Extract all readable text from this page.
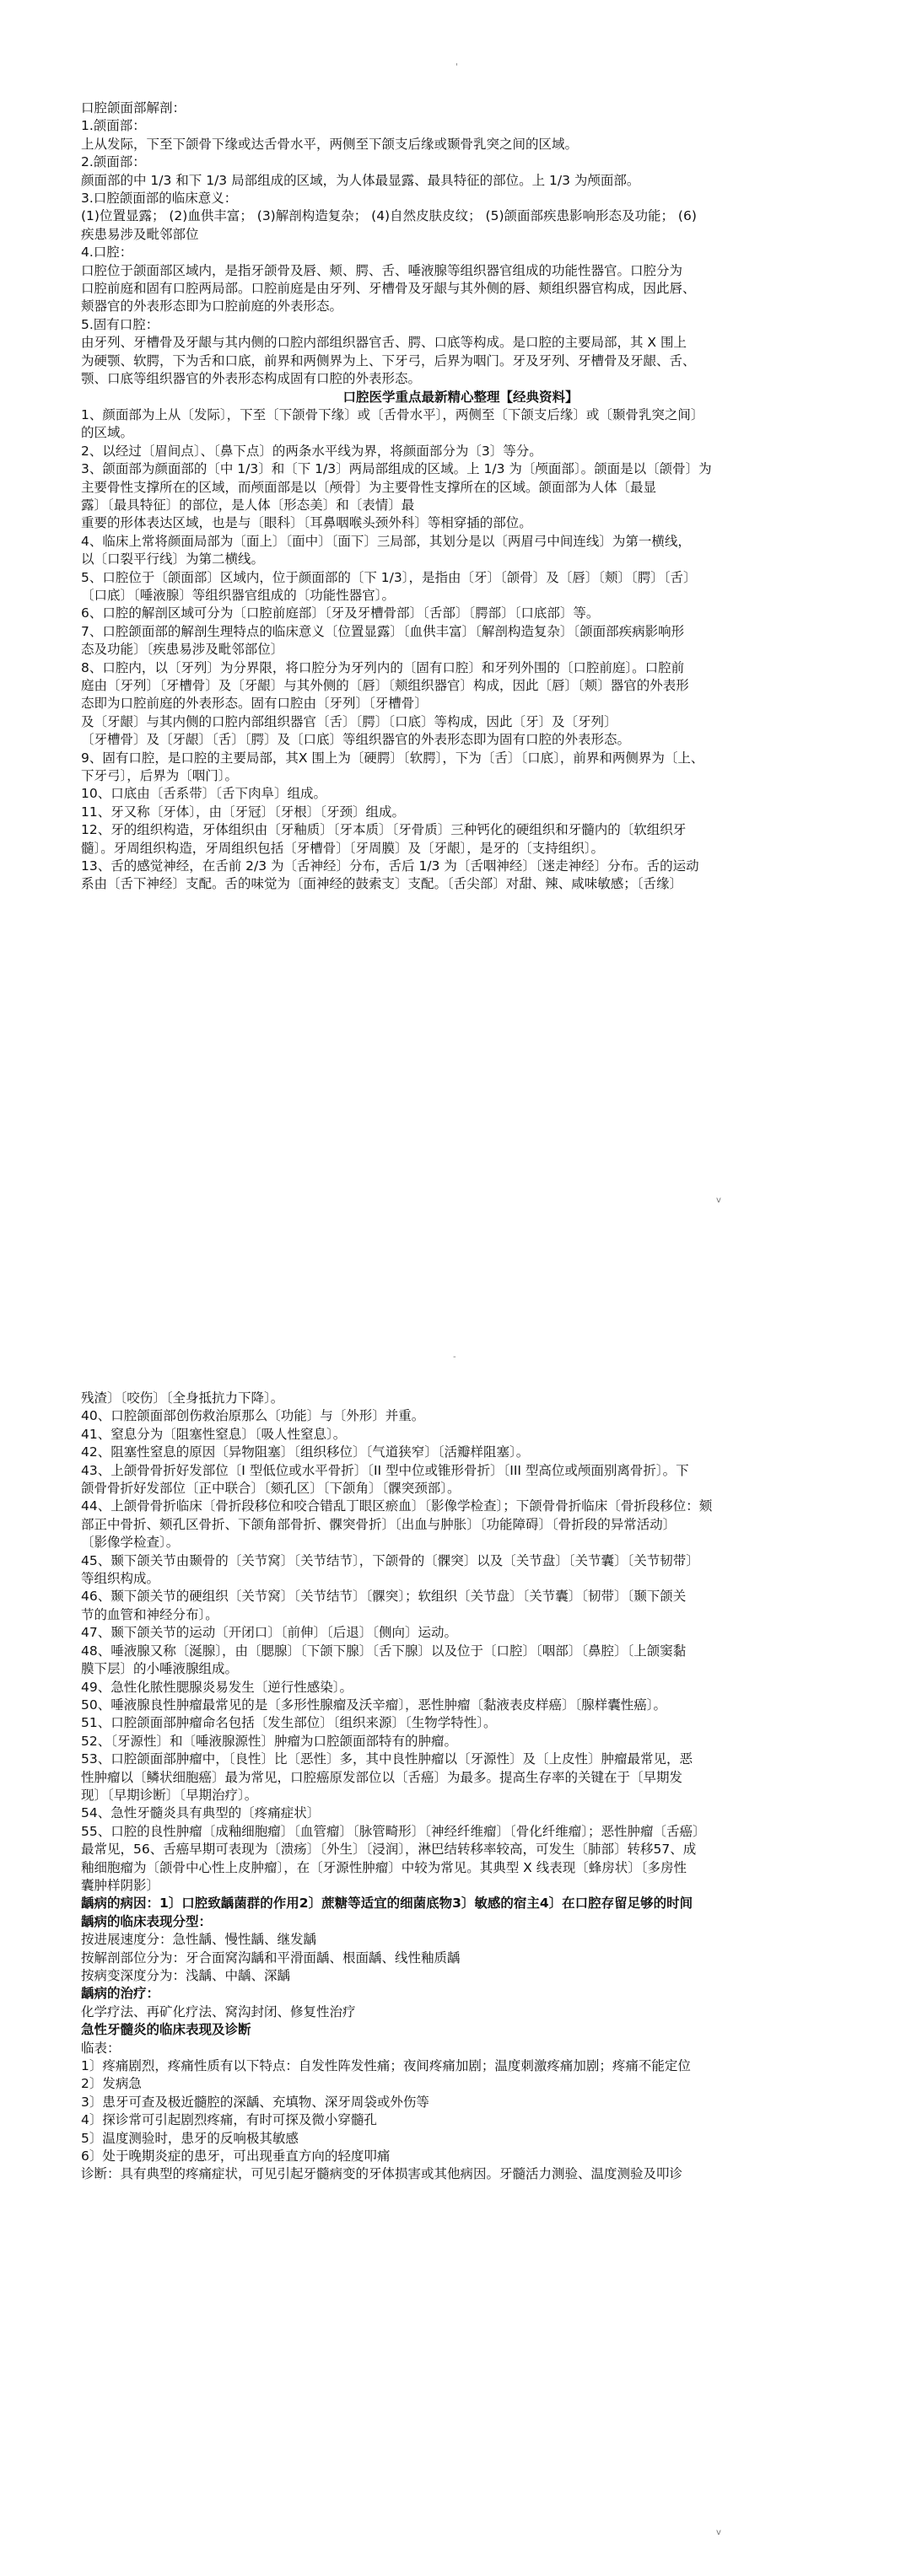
'
口腔颌面部解剖：
1.颌面部：
上从发际，下至下颌骨下缘或达舌骨水平，两侧至下颌支后缘或颞骨乳突之间的区域。
2.颌面部：
颜面部的中 1/3 和下 1/3 局部组成的区域，为人体最显露、最具特征的部位。上 1/3 为颅面部。
3.口腔颌面部的临床意义：
(1)位置显露； (2)血供丰富； (3)解剖构造复杂； (4)自然皮肤皮纹； (5)颌面部疾患影响形态及功能； (6)
疾患易涉及毗邻部位
4.口腔：
口腔位于颌面部区域内，是指牙颌骨及唇、颊、腭、舌、唾液腺等组织器官组成的功能性器官。口腔分为
口腔前庭和固有口腔两局部。口腔前庭是由牙列、牙槽骨及牙龈与其外侧的唇、颊组织器官构成，因此唇、
颊器官的外表形态即为口腔前庭的外表形态。
5.固有口腔：
由牙列、牙槽骨及牙龈与其内侧的口腔内部组织器官舌、腭、口底等构成。是口腔的主要局部，其 X 围上
为硬颚、软腭，下为舌和口底，前界和两侧界为上、下牙弓，后界为咽门。牙及牙列、牙槽骨及牙龈、舌、
颚、口底等组织器官的外表形态构成固有口腔的外表形态。
口腔医学重点最新精心整理【经典资料】
1、颜面部为上从〔发际〕，下至〔下颌骨下缘〕或〔舌骨水平〕，两侧至〔下颌支后缘〕或〔颞骨乳突之间〕
的区域。
2、以经过〔眉间点〕、〔鼻下点〕的两条水平线为界，将颜面部分为〔3〕等分。
3、颌面部为颜面部的〔中 1/3〕和〔下 1/3〕两局部组成的区域。上 1/3 为〔颅面部〕。颌面是以〔颌骨〕为
主要骨性支撑所在的区域，而颅面部是以〔颅骨〕为主要骨性支撑所在的区域。颌面部为人体〔最显
露〕〔最具特征〕的部位，是人体〔形态美〕和〔表情〕最
重要的形体表达区域，也是与〔眼科〕〔耳鼻咽喉头颈外科〕等相穿插的部位。
4、临床上常将颜面局部为〔面上〕〔面中〕〔面下〕三局部，其划分是以〔两眉弓中间连线〕为第一横线，
以〔口裂平行线〕为第二横线。
5、口腔位于〔颌面部〕区域内，位于颜面部的〔下 1/3〕，是指由〔牙〕〔颌骨〕及〔唇〕〔颊〕〔腭〕〔舌〕
〔口底〕〔唾液腺〕等组织器官组成的〔功能性器官〕。
6、口腔的解剖区域可分为〔口腔前庭部〕〔牙及牙槽骨部〕〔舌部〕〔腭部〕〔口底部〕等。
7、口腔颌面部的解剖生理特点的临床意义〔位置显露〕〔血供丰富〕〔解剖构造复杂〕〔颌面部疾病影响形
态及功能〕〔疾患易涉及毗邻部位〕
8、口腔内，以〔牙列〕为分界限，将口腔分为牙列内的〔固有口腔〕和牙列外围的〔口腔前庭〕。口腔前
庭由〔牙列〕〔牙槽骨〕及〔牙龈〕与其外侧的〔唇〕〔颊组织器官〕构成，因此〔唇〕〔颊〕器官的外表形
态即为口腔前庭的外表形态。固有口腔由〔牙列〕〔牙槽骨〕
及〔牙龈〕与其内侧的口腔内部组织器官〔舌〕〔腭〕〔口底〕等构成，因此〔牙〕及〔牙列〕
〔牙槽骨〕及〔牙龈〕〔舌〕〔腭〕及〔口底〕等组织器官的外表形态即为固有口腔的外表形态。
9、固有口腔，是口腔的主要局部，其X 围上为〔硬腭〕〔软腭〕，下为〔舌〕〔口底〕，前界和两侧界为〔上、
下牙弓〕，后界为〔咽门〕。
10、口底由〔舌系带〕〔舌下肉阜〕组成。
11、牙又称〔牙体〕，由〔牙冠〕〔牙根〕〔牙颈〕组成。
12、牙的组织构造，牙体组织由〔牙釉质〕〔牙本质〕〔牙骨质〕三种钙化的硬组织和牙髓内的〔软组织牙
髓〕。牙周组织构造，牙周组织包括〔牙槽骨〕〔牙周膜〕及〔牙龈〕，是牙的〔支持组织〕。
13、舌的感觉神经，在舌前 2/3 为〔舌神经〕分布，舌后 1/3 为〔舌咽神经〕〔迷走神经〕分布。舌的运动
系由〔舌下神经〕支配。舌的味觉为〔面神经的鼓索支〕支配。〔舌尖部〕对甜、辣、咸味敏感；〔舌缘〕
v
-
残渣〕〔咬伤〕〔全身抵抗力下降〕。
40、口腔颌面部创伤救治原那么〔功能〕与〔外形〕并重。
41、窒息分为〔阻塞性窒息〕〔吸人性窒息〕。
42、阻塞性窒息的原因〔异物阻塞〕〔组织移位〕〔气道狭窄〕〔活瓣样阻塞〕。
43、上颌骨骨折好发部位〔I 型低位或水平骨折〕〔II 型中位或锥形骨折〕〔III 型高位或颅面别离骨折〕。下
颌骨骨折好发部位〔正中联合〕〔颏孔区〕〔下颌角〕〔髁突颈部〕。
44、上颌骨骨折临床〔骨折段移位和咬合错乱丁眼区瘀血〕〔影像学检查〕；下颌骨骨折临床〔骨折段移位：颏
部正中骨折、颏孔区骨折、下颌角部骨折、髁突骨折〕〔出血与肿胀〕〔功能障碍〕〔骨折段的异常活动〕
〔影像学检查〕。
45、颞下颌关节由颞骨的〔关节窝〕〔关节结节〕，下颌骨的〔髁突〕以及〔关节盘〕〔关节囊〕〔关节韧带〕
等组织构成。
46、颞下颌关节的硬组织〔关节窝〕〔关节结节〕〔髁突〕；软组织〔关节盘〕〔关节囊〕〔韧带〕〔颞下颌关
节的血管和神经分布〕。
47、颞下颌关节的运动〔开闭口〕〔前伸〕〔后退〕〔侧向〕运动。
48、唾液腺又称〔涎腺〕，由〔腮腺〕〔下颌下腺〕〔舌下腺〕以及位于〔口腔〕〔咽部〕〔鼻腔〕〔上颌窦黏
膜下层〕的小唾液腺组成。
49、急性化脓性腮腺炎易发生〔逆行性感染〕。
50、唾液腺良性肿瘤最常见的是〔多形性腺瘤及沃辛瘤〕，恶性肿瘤〔黏液表皮样癌〕〔腺样囊性癌〕。
51、口腔颌面部肿瘤命名包括〔发生部位〕〔组织来源〕〔生物学特性〕。
52、〔牙源性〕和〔唾液腺源性〕肿瘤为口腔颌面部特有的肿瘤。
53、口腔颌面部肿瘤中，〔良性〕比〔恶性〕多，其中良性肿瘤以〔牙源性〕及〔上皮性〕肿瘤最常见，恶
性肿瘤以〔鳞状细胞癌〕最为常见，口腔癌原发部位以〔舌癌〕为最多。提高生存率的关键在于〔早期发
现〕〔早期诊断〕〔早期治疗〕。
54、急性牙髓炎具有典型的〔疼痛症状〕
55、口腔的良性肿瘤〔成釉细胞瘤〕〔血管瘤〕〔脉管畸形〕〔神经纤维瘤〕〔骨化纤维瘤〕；恶性肿瘤〔舌癌〕
最常见，56、舌癌早期可表现为〔溃疡〕〔外生〕〔浸润〕，淋巴结转移率较高，可发生〔肺部〕转移57、成
釉细胞瘤为〔颌骨中心性上皮肿瘤〕，在〔牙源性肿瘤〕中较为常见。其典型 X 线表现〔蜂房状〕〔多房性
囊肿样阴影〕
龋病的病因：1〕口腔致龋菌群的作用2〕蔗糖等适宜的细菌底物3〕敏感的宿主4〕在口腔存留足够的时间
龋病的临床表现分型：
按进展速度分：急性龋、慢性龋、继发龋
按解剖部位分为：牙合面窝沟龋和平滑面龋、根面龋、线性釉质龋
按病变深度分为：浅龋、中龋、深龋
龋病的治疗：
化学疗法、再矿化疗法、窝沟封闭、修复性治疗
急性牙髓炎的临床表现及诊断
临表：
1〕疼痛剧烈，疼痛性质有以下特点：自发性阵发性痛；夜间疼痛加剧；温度刺激疼痛加剧；疼痛不能定位
2〕发病急
3〕患牙可查及极近髓腔的深龋、充填物、深牙周袋或外伤等
4〕探诊常可引起剧烈疼痛，有时可探及微小穿髓孔
5〕温度测验时，患牙的反响极其敏感
6〕处于晚期炎症的患牙，可出现垂直方向的轻度叩痛
诊断：具有典型的疼痛症状，可见引起牙髓病变的牙体损害或其他病因。牙髓活力测验、温度测验及叩诊
v
